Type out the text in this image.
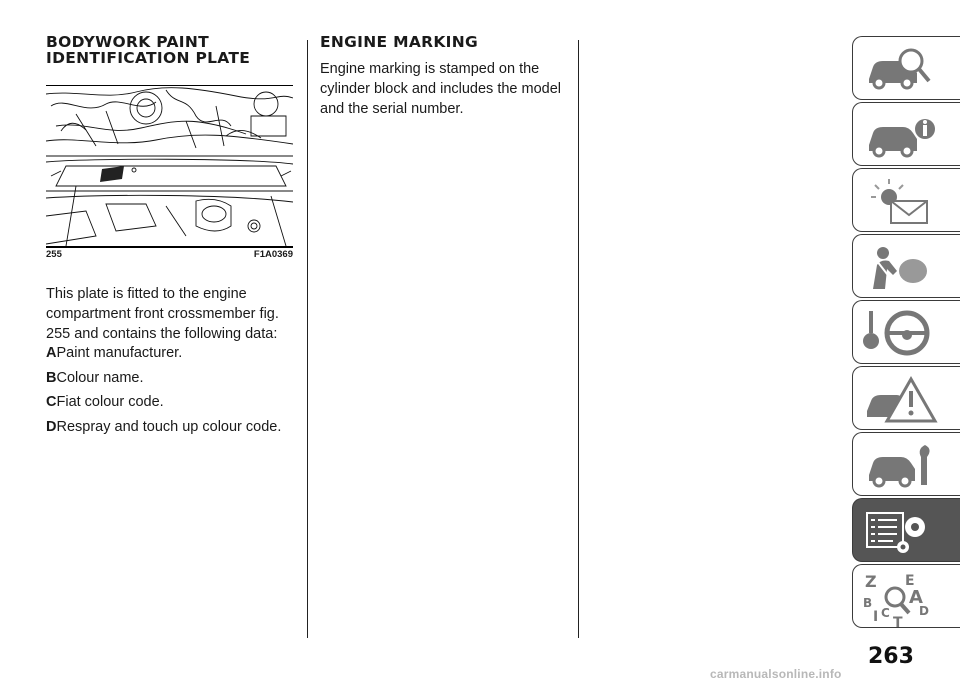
BODYWORK PAINT
IDENTIFICATION PLATE
255	F1A0369

This plate is fitted to the engine compartment front crossmember fig. 255 and contains the following data:

APaint manufacturer.
BColour name.
CFiat colour code.
DRespray and touch up colour code.
ENGINE MARKING

Engine marking is stamped on the cylinder block and includes the model and the serial number.

Z E
A
B
D
I C
T
263
carmanualsonline.info
